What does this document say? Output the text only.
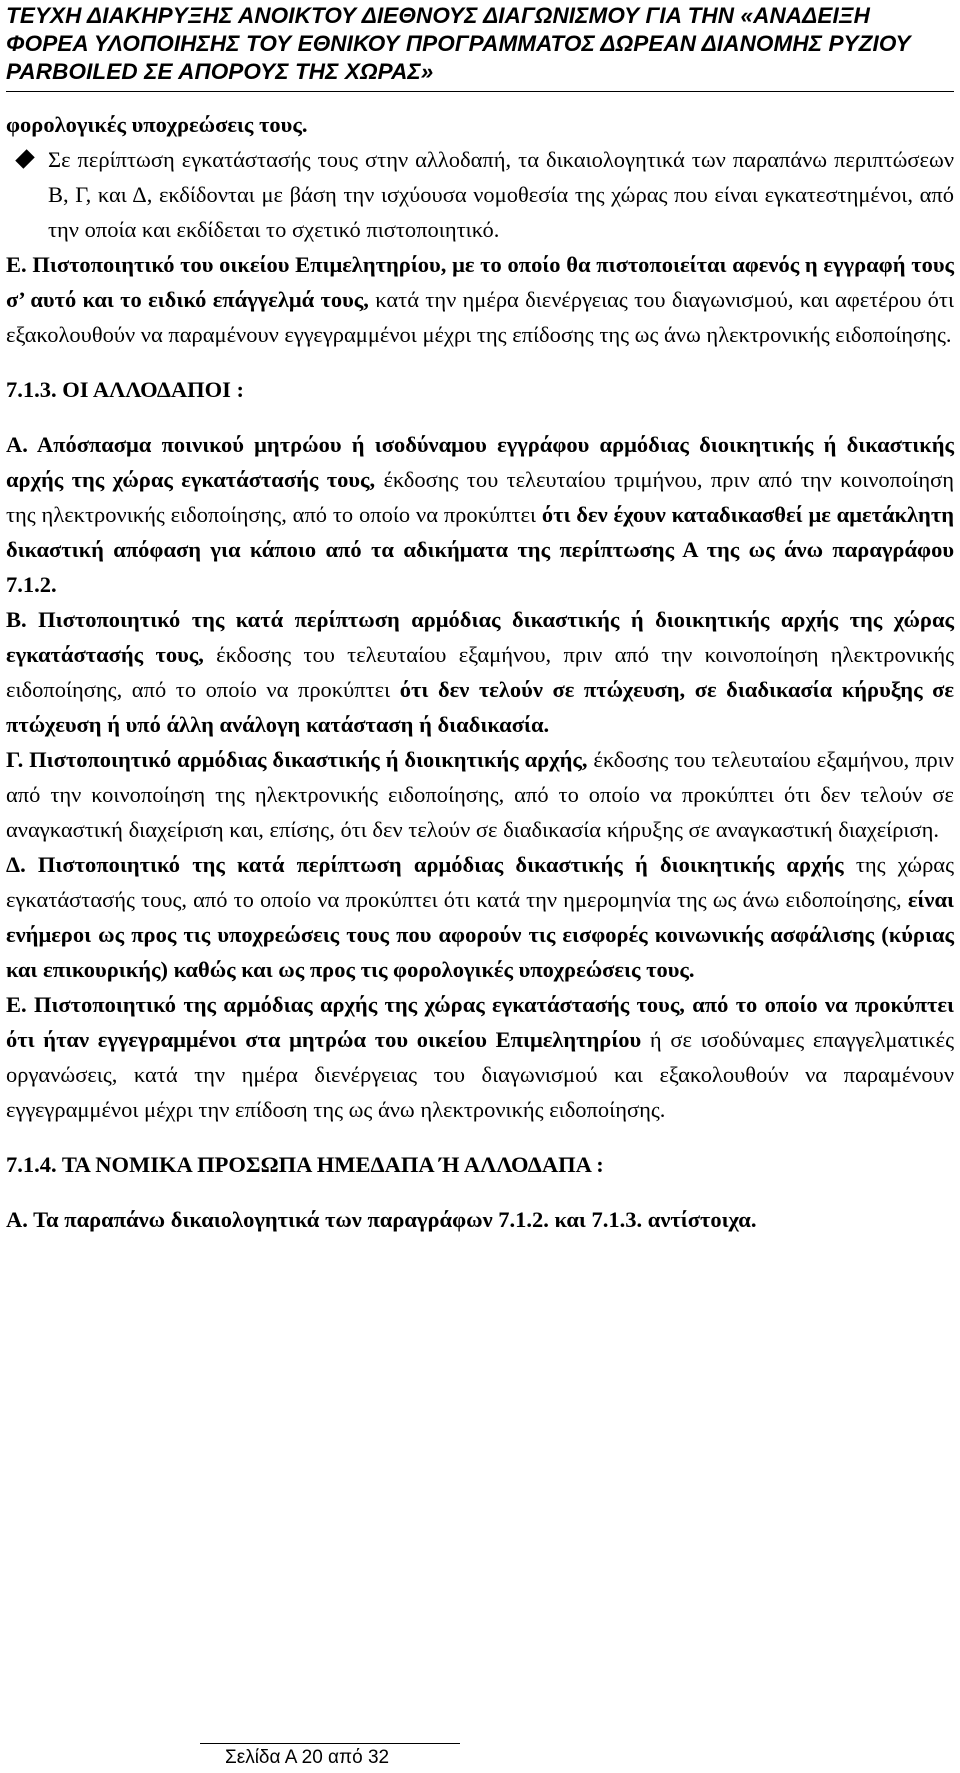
ΤΕΥΧΗ ΔΙΑΚΗΡΥΞΗΣ ΑΝΟΙΚΤΟΥ ΔΙΕΘΝΟΥΣ ΔΙΑΓΩΝΙΣΜΟΥ ΓΙΑ ΤΗΝ «ΑΝΑΔΕΙΞΗ
ΦΟΡΕΑ ΥΛΟΠΟΙΗΣΗΣ ΤΟΥ ΕΘΝΙΚΟΥ ΠΡΟΓΡΑΜΜΑΤΟΣ ΔΩΡΕΑΝ ΔΙΑΝΟΜΗΣ ΡΥΖΙΟΥ
PARBOILED ΣΕ ΑΠΟΡΟΥΣ ΤΗΣ ΧΩΡΑΣ»

φορολογικές υποχρεώσεις τους.

Σε περίπτωση εγκατάστασής τους στην αλλοδαπή, τα δικαιολογητικά των παραπάνω περιπτώσεων Β, Γ, και Δ, εκδίδονται με βάση την ισχύουσα νομοθεσία της χώρας που είναι εγκατεστημένοι, από την οποία και εκδίδεται το σχετικό πιστοποιητικό.

Ε. Πιστοποιητικό του οικείου Επιμελητηρίου, με το οποίο θα πιστοποιείται αφενός η εγγραφή τους σ’ αυτό και το ειδικό επάγγελμά τους, κατά την ημέρα διενέργειας του διαγωνισμού, και αφετέρου ότι εξακολουθούν να παραμένουν εγγεγραμμένοι μέχρι της επίδοσης της ως άνω ηλεκτρονικής ειδοποίησης.

7.1.3. ΟΙ ΑΛΛΟΔΑΠΟΙ :

Α. Απόσπασμα ποινικού μητρώου ή ισοδύναμου εγγράφου αρμόδιας διοικητικής ή δικαστικής αρχής της χώρας εγκατάστασής τους, έκδοσης του τελευταίου τριμήνου, πριν από την κοινοποίηση της ηλεκτρονικής ειδοποίησης, από το οποίο να προκύπτει ότι δεν έχουν καταδικασθεί με αμετάκλητη δικαστική απόφαση για κάποιο από τα αδικήματα της περίπτωσης Α της ως άνω παραγράφου 7.1.2.

Β. Πιστοποιητικό της κατά περίπτωση αρμόδιας δικαστικής ή διοικητικής αρχής της χώρας εγκατάστασής τους, έκδοσης του τελευταίου εξαμήνου, πριν από την κοινοποίηση ηλεκτρονικής ειδοποίησης, από το οποίο να προκύπτει ότι δεν τελούν σε πτώχευση, σε διαδικασία κήρυξης σε πτώχευση ή υπό άλλη ανάλογη κατάσταση ή διαδικασία.

Γ. Πιστοποιητικό αρμόδιας δικαστικής ή διοικητικής αρχής, έκδοσης του τελευταίου εξαμήνου, πριν από την κοινοποίηση της ηλεκτρονικής ειδοποίησης, από το οποίο να προκύπτει ότι δεν τελούν σε αναγκαστική διαχείριση και, επίσης, ότι δεν τελούν σε διαδικασία κήρυξης σε αναγκαστική διαχείριση.

Δ. Πιστοποιητικό της κατά περίπτωση αρμόδιας δικαστικής ή διοικητικής αρχής της χώρας εγκατάστασής τους, από το οποίο να προκύπτει ότι κατά την ημερομηνία της ως άνω ειδοποίησης, είναι ενήμεροι ως προς τις υποχρεώσεις τους που αφορούν τις εισφορές κοινωνικής ασφάλισης (κύριας και επικουρικής) καθώς και ως προς τις φορολογικές υποχρεώσεις τους.

Ε. Πιστοποιητικό της αρμόδιας αρχής της χώρας εγκατάστασής τους, από το οποίο να προκύπτει ότι ήταν εγγεγραμμένοι στα μητρώα του οικείου Επιμελητηρίου ή σε ισοδύναμες επαγγελματικές οργανώσεις, κατά την ημέρα διενέργειας του διαγωνισμού και εξακολουθούν να παραμένουν εγγεγραμμένοι μέχρι την επίδοση της ως άνω ηλεκτρονικής ειδοποίησης.

7.1.4. ΤΑ ΝΟΜΙΚΑ ΠΡΟΣΩΠΑ ΗΜΕΔΑΠΑ Ή ΑΛΛΟΔΑΠΑ :

Α. Τα παραπάνω δικαιολογητικά των παραγράφων 7.1.2. και 7.1.3. αντίστοιχα.

Σελίδα Α 20 από 32
